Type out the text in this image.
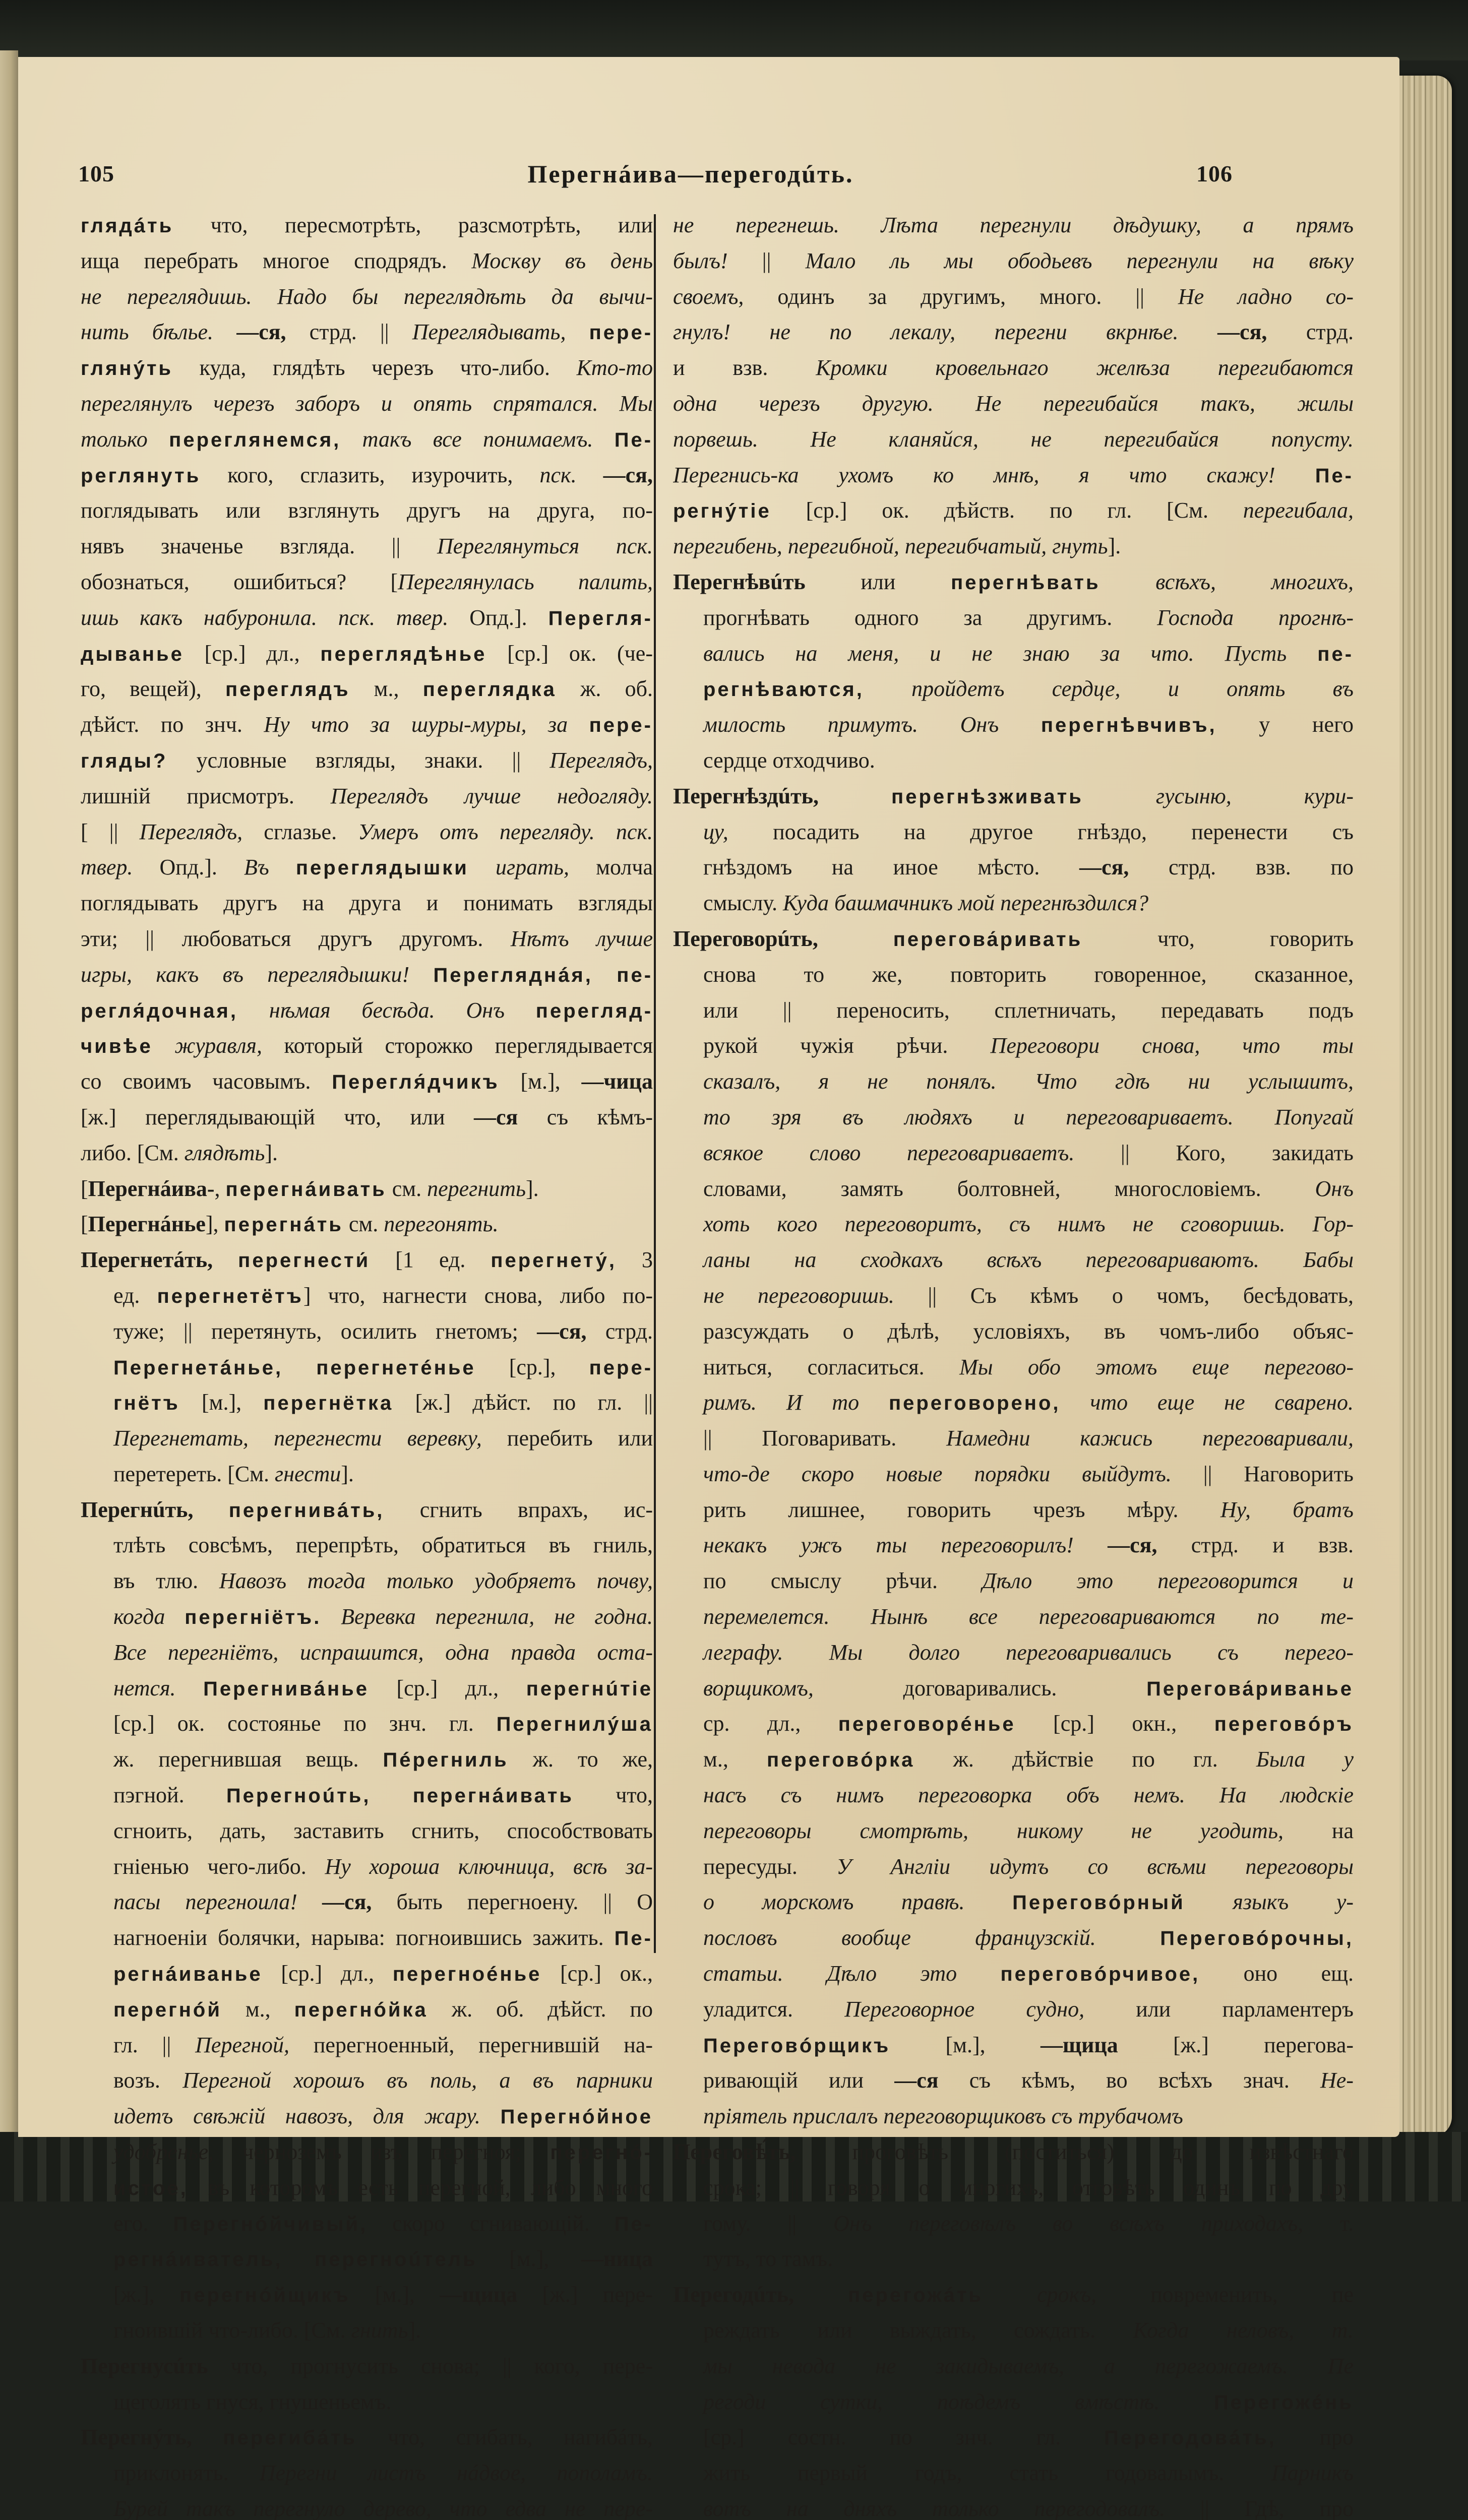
105	Перегнáива—перегодúть.	106
глядáть что, пересмотрѣть, разсмотрѣть, или
ища перебрать многое сподрядъ. Москву въ день
не переглядишь. Надо бы переглядѣть да вычи-
нить бѣлье. —ся, стрд. || Переглядывать, пере-
глянýть куда, глядѣть черезъ что-либо. Кто-то
переглянулъ черезъ заборъ и опять спрятался. Мы
только переглянемся, такъ все понимаемъ. Пе-
реглянуть кого, сглазить, изурочить, пск. —ся,
поглядывать или взглянуть другъ на друга, по-
нявъ значенье взгляда. || Переглянуться пск.
обознаться, ошибиться? [Переглянулась палить,
ишь какъ набуронила. пск. твер. Опд.]. Перегля-
дыванье [ср.] дл., переглядѣнье [ср.] ок. (че-
го, вещей), переглядъ м., переглядка ж. об.
дѣйст. по знч. Ну что за шуры-муры, за пере-
гляды? условные взгляды, знаки. || Переглядъ,
лишній присмотръ. Переглядъ лучше недогляду.
[ || Переглядъ, сглазье. Умеръ отъ перегляду. пск.
твер. Опд.]. Въ переглядышки играть, молча
поглядывать другъ на друга и понимать взгляды
эти; || любоваться другъ другомъ. Нѣтъ лучше
игры, какъ въ переглядышки! Перегляднáя, пе-
регля́дочная, нѣмая бесѣда. Онъ перегляд-
чивѣе журавля, который сторожко переглядывается
со своимъ часовымъ. Перегля́дчикъ [м.], —чица
[ж.] переглядывающій что, или —ся съ кѣмъ-
либо. [См. глядѣть].
[Перегнáива-, перегнáивать см. перегнить].
[Перегнáнье], перегнáть см. перегонять.
Перегнетáть, перегнести́ [1 ед. перегнету́, 3
ед. перегнетётъ] что, нагнести снова, либо по-
туже; || перетянуть, осилить гнетомъ; —ся, стрд.
Перегнетáнье, перегнетéнье [ср.], пере-
гнётъ [м.], перегнётка [ж.] дѣйст. по гл. ||
Перегнетать, перегнести веревку, перебить или
перетереть. [См. гнести].
Перегнúть, перегнивáть, сгнить впрахъ, ис-
тлѣть совсѣмъ, перепрѣть, обратиться въ гниль,
въ тлю. Навозъ тогда только удобряетъ почву,
когда перегніётъ. Веревка перегнила, не годна.
Все перегніётъ, испрашится, одна правда оста-
нется. Перегнивáнье [ср.] дл., перегнúтіе
[ср.] ок. состоянье по знч. гл. Перегнилýша
ж. перегнившая вещь. Пéрегниль ж. то же,
пэгной. Перегноúть, перегнáивать что,
сгноить, дать, заставить сгнить, способствовать
гніенью чего-либо. Ну хороша ключница, всѣ за-
пасы перегноила! —ся, быть перегноену. || О
нагноеніи болячки, нарыва: погноившись зажить. Пе-
регнáиванье [ср.] дл., перегноéнье [ср.] ок.,
перегнóй м., перегнóйка ж. об. дѣйст. по
гл. || Перегной, перегноенный, перегнившій на-
возъ. Перегной хорошъ въ поль, а въ парники
идетъ свѣжій навозъ, для жару. Перегнóйное
удобренье, черноземъ изъ перегноя; перегнó-
истое, въ которомъ есть перегной, либо много
его. Перегнóйчивый, скоро сгнивающій. Пе-
регнáиватель, перегноúтель [м.], —ница
[ж.], перегнóйщикъ [м.], —щица [ж.] пере-
гноившій что-либо. [См. гнить].
Перегнусúть что, прогнусить снова; || кого, пере-
щеголять гнуся, гнушеньемъ.
Перегнýть, перегибáть что, сгибать, нагибáть,
приклонять. Перегни листъ нáдвое, пополамъ.
Бурей такъ перегнуло дерево, что едва не пере-
не перегнешь. Лѣта перегнули дѣдушку, а прямъ
былъ! || Мало ль мы ободьевъ перегнули на вѣку
своемъ, одинъ за другимъ, много. || Не ладно со-
гнулъ! не по лекалу, перегни вкрнѣе. —ся, стрд.
и взв. Кромки кровельнаго желѣза перегибаются
одна черезъ другую. Не перегибайся такъ, жилы
порвешь. Не кланяйся, не перегибайся попусту.
Перегнись-ка ухомъ ко мнѣ, я что скажу! Пе-
регнýтіе [ср.] ок. дѣйств. по гл. [См. перегибала,
перегибень, перегибной, перегибчатый, гнуть].
Перегнѣвúть или перегнѣвать всѣхъ, многихъ,
прогнѣвать одного за другимъ. Господа прогнѣ-
вались на меня, и не знаю за что. Пусть пе-
регнѣваются, пройдетъ сердце, и опять въ
милость примутъ. Онъ перегнѣвчивъ, у него
сердце отходчиво.
Перегнѣздúть,	перегнѣзживать	гусыню, кури-
цу, посадить на другое гнѣздо, перенести съ
гнѣздомъ на иное мѣсто. —ся, стрд. взв. по
смыслу. Куда башмачникъ мой перегнѣздился?
Переговорúть,	перегова́ривать что, говорить
снова то же, повторить говоренное, сказанное,
или || переносить, сплетничать, передавать подъ
рукой чужія рѣчи. Переговори снова, что ты
сказалъ, я не понялъ. Что гдѣ ни услышитъ,
то зря въ людяхъ и переговариваетъ. Попугай
всякое слово переговариваетъ. || Кого, закидать
словами, замять болтовней, многословіемъ. Онъ
хоть кого переговоритъ, съ нимъ не сговоришь. Гор-
ланы на сходкахъ всѣхъ переговариваютъ. Бабы
не переговоришь. || Съ кѣмъ о чомъ, бесѣдовать,
разсуждать о дѣлѣ, условіяхъ, въ чомъ-либо объяс-
ниться, согласиться. Мы обо этомъ еще перегово-
римъ. И то переговорено, что еще не сварено.
|| Поговаривать. Намедни кажись переговаривали,
что-де скоро новые порядки выйдутъ. || Наговорить
рить лишнее, говорить чрезъ мѣру. Ну, братъ
некакъ ужъ ты переговорилъ! —ся, стрд. и взв.
по смыслу рѣчи. Дѣло это переговорится и
перемелется. Нынѣ все переговариваются по те-
леграфу. Мы долго переговаривались съ перего-
ворщикомъ, договаривались. Перегова́риванье
ср. дл., переговорéнье [ср.] окн., переговóръ
м., переговóрка ж. дѣйствіе по гл. Была у
насъ съ нимъ переговорка объ немъ. На людскіе
переговоры смотрѣть, никому не угодить, на
пересуды. У Англіи идутъ со всѣми переговоры
о морскомъ правѣ. Переговóрный языкъ у-
пословъ вообще французскій.	Переговóрочны,
статьи. Дѣло это переговóрчивое, оно ещ.
уладится. Переговорное судно, или парламентеръ
Переговóрщикъ [м.], —щица [ж.] перегова-
ривающій или —ся съ кѣмъ, во всѣхъ знач. Не-
пріятель прислалъ переговорщиковъ съ трубачомъ
Переговѣ́ть, проговѣть (поститься) до извѣстнаго
срока; || говоря о многихъ, отговѣть одинъ по дру
гому. || Онъ переговѣлъ во всѣхъ приходахъ, т.
тутъ, то тамъ.
Перегодúть,	перегожáть срокъ, повременить, пе
реждать или выждать, сождать. Когда неловъ, т.
мы невода не закидываемъ, а перегожаемъ. Пе
регоди сутки, поѣдемъ вмѣстѣ.	Перегожéнь
[ср.] состн. по знч. гл. Перегодовáть, про
жить первый годъ, стать годовалымъ. Парникъ
вотъ на дняхъ только перегодовалъ. || Гдѣ, про
